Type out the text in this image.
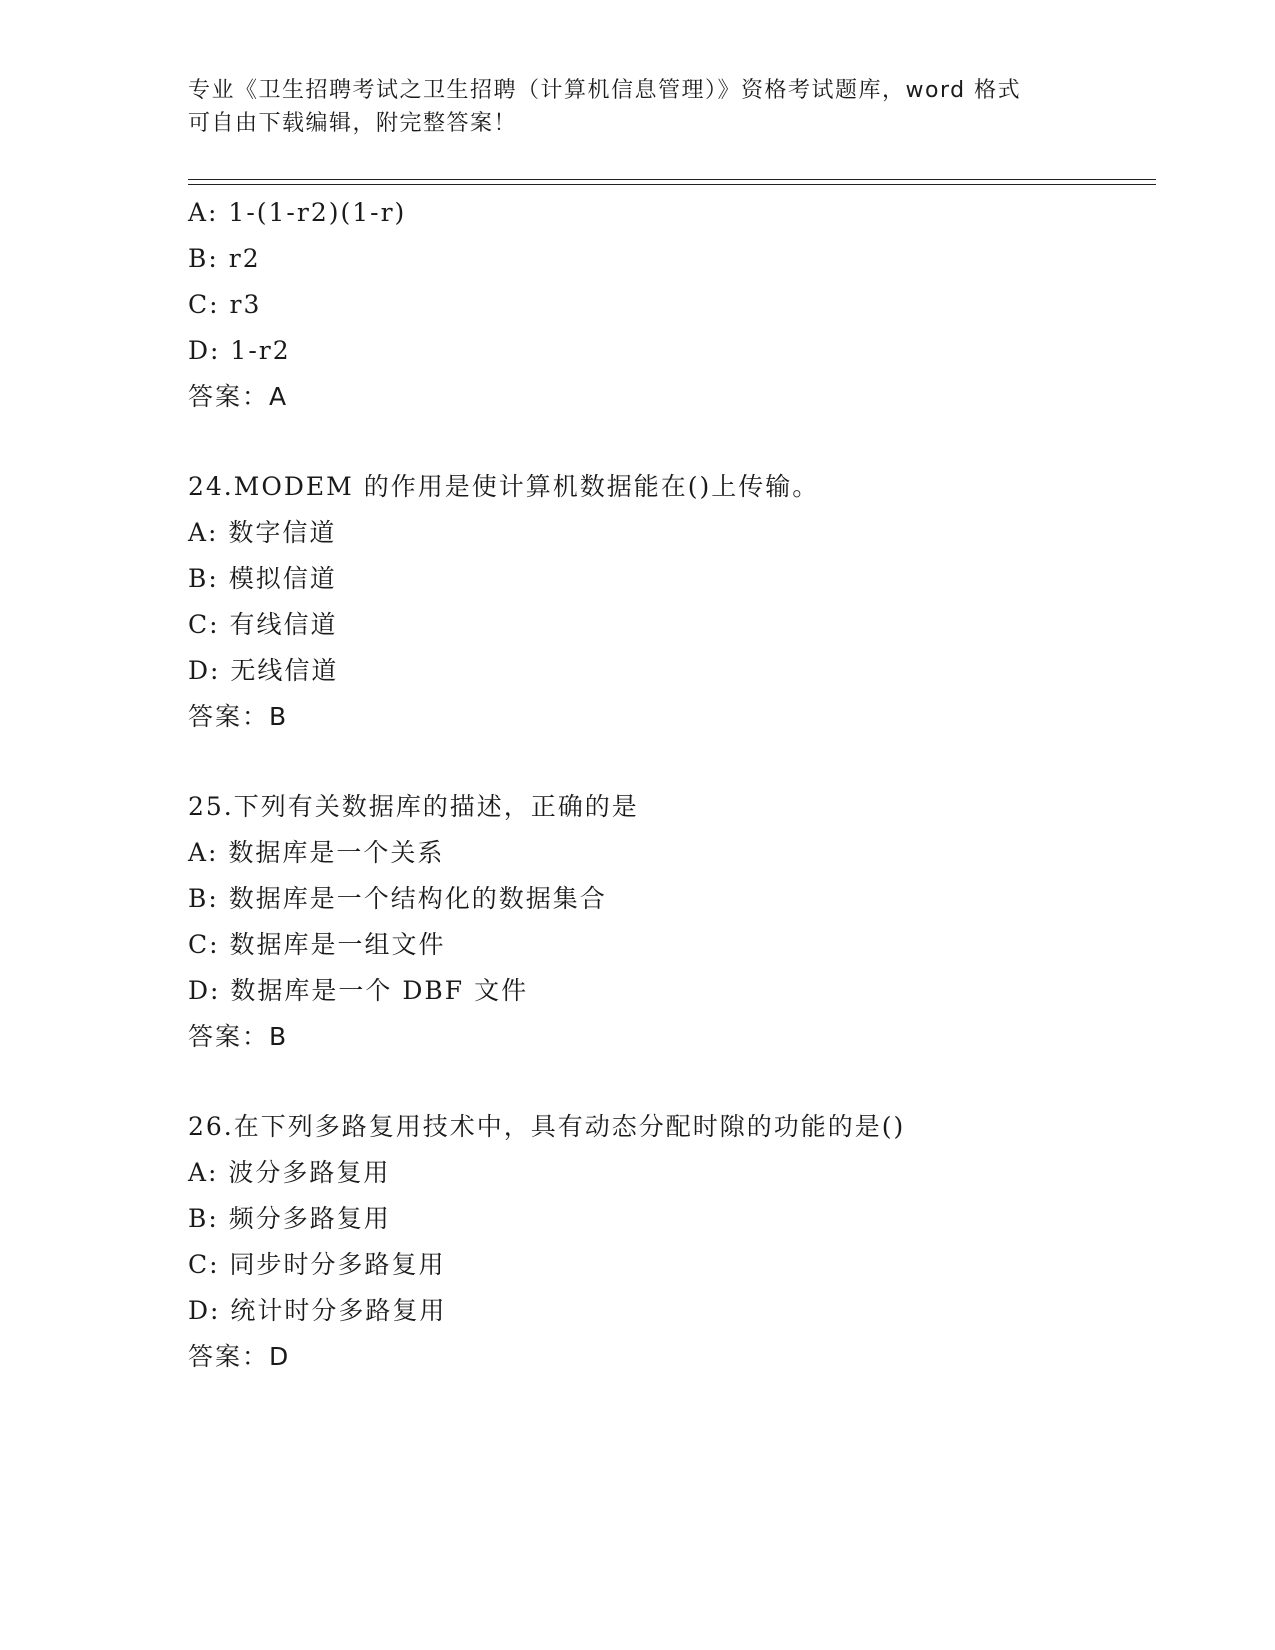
专业《卫生招聘考试之卫生招聘（计算机信息管理）》资格考试题库，word 格式
可自由下载编辑，附完整答案！
A: 1-(1-r2)(1-r)
B: r2
C: r3
D: 1-r2
答案：A
24.MODEM 的作用是使计算机数据能在()上传输。
A: 数字信道
B: 模拟信道
C: 有线信道
D: 无线信道
答案：B
25.下列有关数据库的描述，正确的是
A: 数据库是一个关系
B: 数据库是一个结构化的数据集合
C: 数据库是一组文件
D: 数据库是一个 DBF 文件
答案：B
26.在下列多路复用技术中，具有动态分配时隙的功能的是()
A: 波分多路复用
B: 频分多路复用
C: 同步时分多路复用
D: 统计时分多路复用
答案：D
